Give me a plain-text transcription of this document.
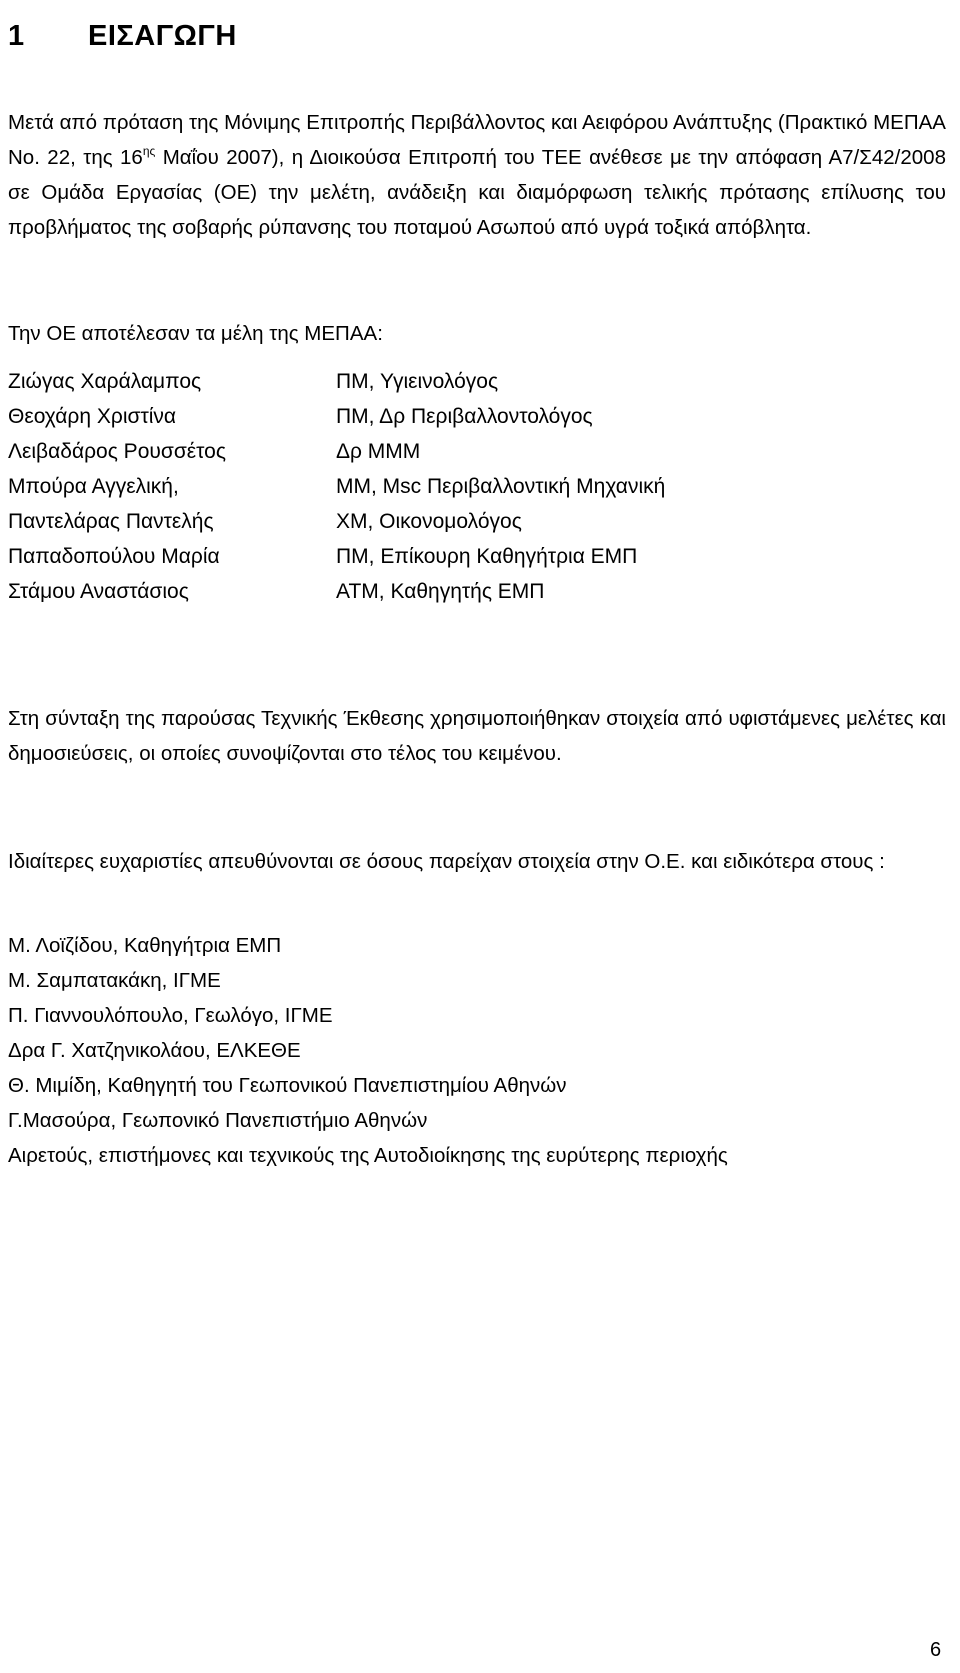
1 ΕΙΣΑΓΩΓΗ

Μετά από πρόταση της Μόνιμης Επιτροπής Περιβάλλοντος και Αειφόρου Ανάπτυξης (Πρακτικό ΜΕΠΑΑ Νο. 22, της $16^{\eta\varsigma}$ Μαΐου 2007), η Διοικούσα Επιτροπή του ΤΕΕ ανέθεσε με την απόφαση Α7/Σ42/2008 σε Ομάδα Εργασίας (ΟΕ) την μελέτη, ανάδειξη και διαμόρφωση τελικής πρότασης επίλυσης του προβλήματος της σοβαρής ρύπανσης του ποταμού Ασωπού από υγρά τοξικά απόβλητα.

Την ΟΕ αποτέλεσαν τα μέλη της ΜΕΠΑΑ:

Ζιώγας Χαράλαμπος	ΠΜ, Υγιεινολόγος
Θεοχάρη Χριστίνα	ΠΜ, Δρ Περιβαλλοντολόγος
Λειβαδάρος Ρουσσέτος	Δρ ΜΜΜ
Μπούρα Αγγελική,	ΜΜ, Msc Περιβαλλοντική Μηχανική
Παντελάρας Παντελής	ΧΜ, Οικονομολόγος
Παπαδοπούλου Μαρία	ΠΜ, Επίκουρη Καθηγήτρια ΕΜΠ
Στάμου Αναστάσιος	ΑΤΜ, Καθηγητής ΕΜΠ

Στη σύνταξη της παρούσας Τεχνικής Έκθεσης χρησιμοποιήθηκαν στοιχεία από υφιστάμενες μελέτες και δημοσιεύσεις, οι οποίες συνοψίζονται στο τέλος του κειμένου.

Ιδιαίτερες ευχαριστίες απευθύνονται σε όσους παρείχαν στοιχεία στην Ο.Ε. και ειδικότερα στους :

Μ. Λοϊζίδου, Καθηγήτρια ΕΜΠ
Μ. Σαμπατακάκη, ΙΓΜΕ
Π. Γιαννουλόπουλο, Γεωλόγο, ΙΓΜΕ
Δρα Γ. Χατζηνικολάου, ΕΛΚΕΘΕ
Θ. Μιμίδη, Καθηγητή του Γεωπονικού Πανεπιστημίου Αθηνών
Γ.Μασούρα, Γεωπονικό Πανεπιστήμιο Αθηνών
Αιρετούς, επιστήμονες και τεχνικούς της Αυτοδιοίκησης της ευρύτερης περιοχής
6
